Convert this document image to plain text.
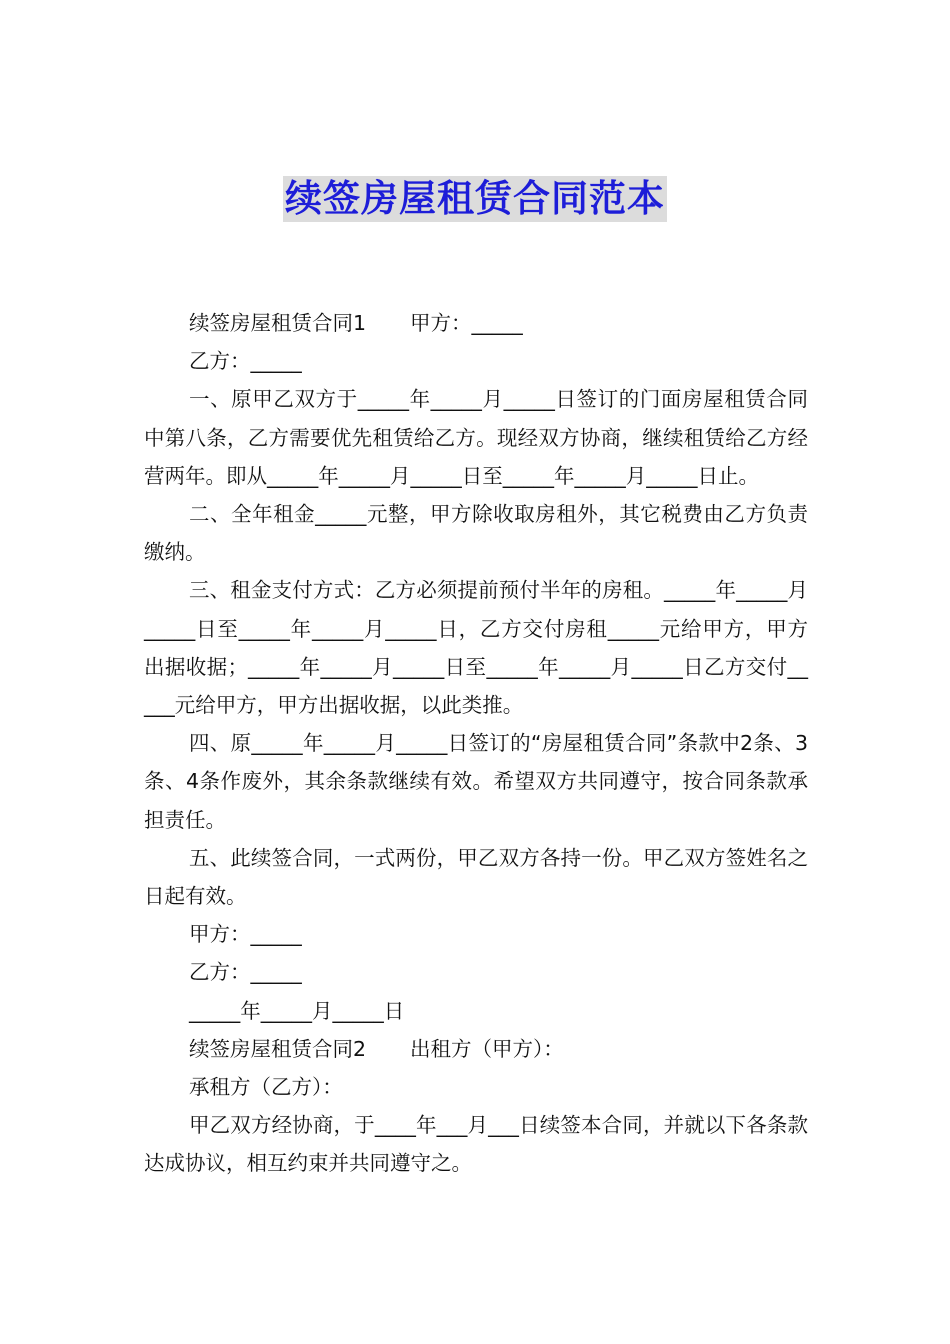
续签房屋租赁合同范本

续签房屋租赁合同1 甲方：_____

乙方：_____

一、原甲乙双方于_____年_____月_____日签订的门面房屋租赁合同中第八条，乙方需要优先租赁给乙方。现经双方协商，继续租赁给乙方经营两年。即从_____年_____月_____日至_____年_____月_____日止。

二、全年租金_____元整，甲方除收取房租外，其它税费由乙方负责缴纳。

三、租金支付方式：乙方必须提前预付半年的房租。_____年_____月_____日至_____年_____月_____日，乙方交付房租_____元给甲方，甲方出据收据；_____年_____月_____日至_____年_____月_____日乙方交付_____元给甲方，甲方出据收据，以此类推。

四、原_____年_____月_____日签订的“房屋租赁合同”条款中2条、3条、4条作废外，其余条款继续有效。希望双方共同遵守，按合同条款承担责任。

五、此续签合同，一式两份，甲乙双方各持一份。甲乙双方签姓名之日起有效。

甲方：_____

乙方：_____

_____年_____月_____日

续签房屋租赁合同2 出租方（甲方）：

承租方（乙方）：

甲乙双方经协商，于____年___月___日续签本合同，并就以下各条款达成协议，相互约束并共同遵守之。
